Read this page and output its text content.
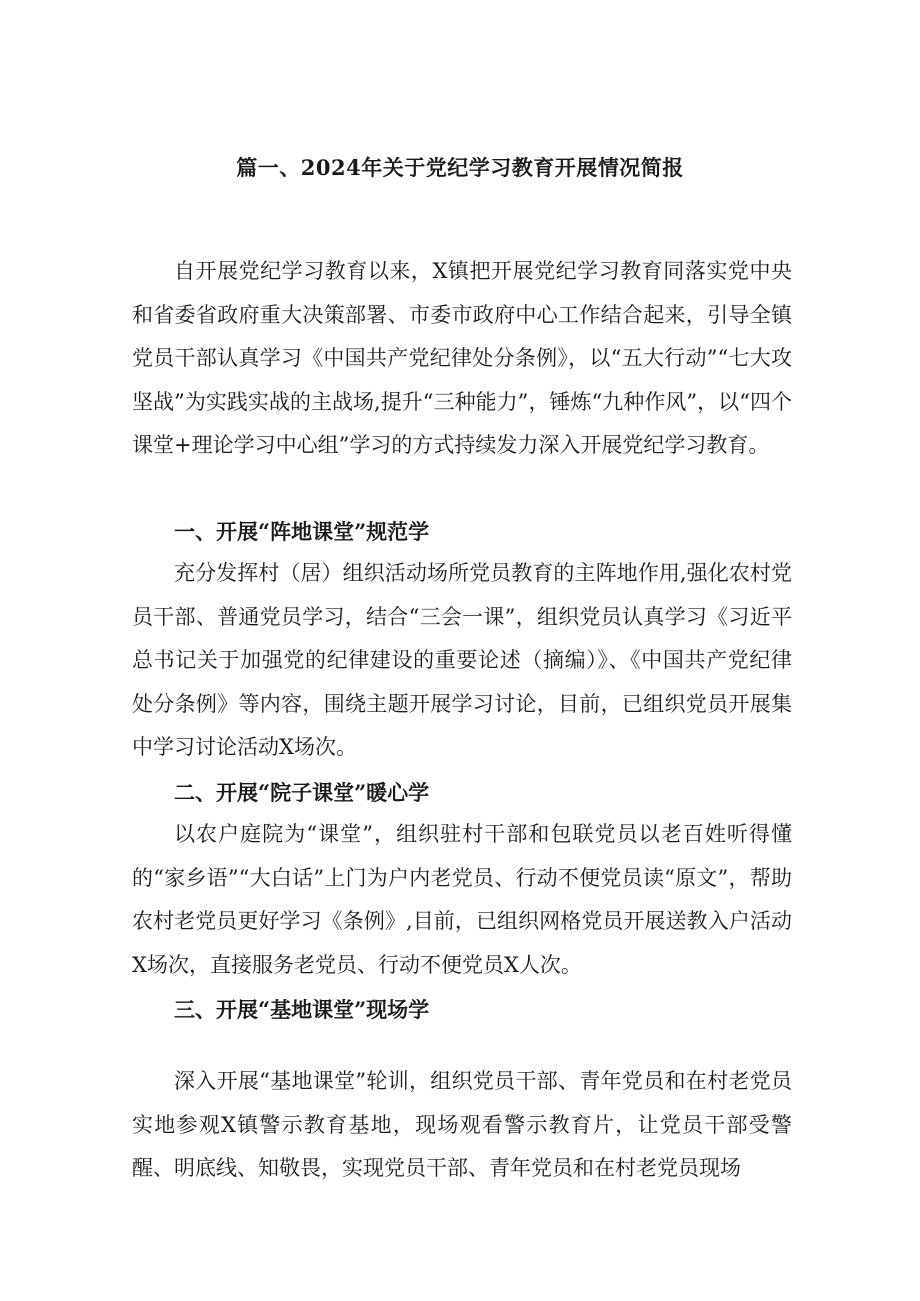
篇一、2024年关于党纪学习教育开展情况简报

自开展党纪学习教育以来，X镇把开展党纪学习教育同落实党中央和省委省政府重大决策部署、市委市政府中心工作结合起来，引导全镇党员干部认真学习《中国共产党纪律处分条例》，以“五大行动”“七大攻坚战”为实践实战的主战场,提升“三种能力”，锤炼“九种作风”，以“四个课堂+理论学习中心组”学习的方式持续发力深入开展党纪学习教育。

一、开展“阵地课堂”规范学

充分发挥村（居）组织活动场所党员教育的主阵地作用,强化农村党员干部、普通党员学习，结合“三会一课”，组织党员认真学习《习近平总书记关于加强党的纪律建设的重要论述（摘编）》、《中国共产党纪律处分条例》等内容，围绕主题开展学习讨论，目前，已组织党员开展集中学习讨论活动X场次。

二、开展“院子课堂”暖心学

以农户庭院为“课堂”，组织驻村干部和包联党员以老百姓听得懂的“家乡语”“大白话”上门为户内老党员、行动不便党员读“原文”，帮助农村老党员更好学习《条例》,目前，已组织网格党员开展送教入户活动X场次，直接服务老党员、行动不便党员X人次。

三、开展“基地课堂”现场学

深入开展“基地课堂”轮训，组织党员干部、青年党员和在村老党员实地参观X镇警示教育基地，现场观看警示教育片，让党员干部受警醒、明底线、知敬畏，实现党员干部、青年党员和在村老党员现场
